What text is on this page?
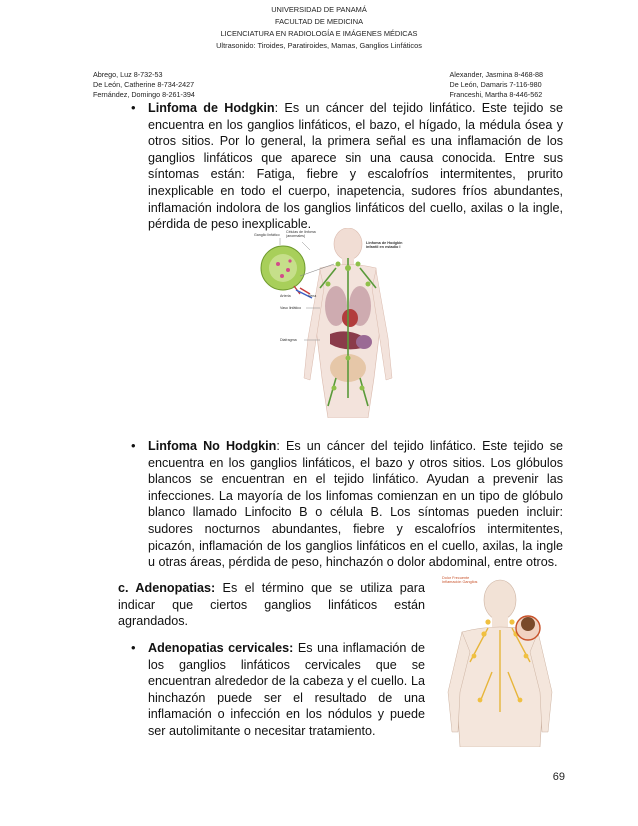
UNIVERSIDAD DE PANAMÁ
FACULTAD DE MEDICINA
LICENCIATURA EN RADIOLOGÍA E IMÁGENES MÉDICAS
Ultrasonido: Tiroides, Paratiroides, Mamas, Ganglios Linfáticos
Abrego, Luz 8-732-53
De León, Catherine 8-734-2427
Fernández, Domingo 8-261-394
Alexander, Jasmina 8-468-88
De León, Damaris 7-116-980
Franceshi, Martha 8-446-562
• Linfoma de Hodgkin: Es un cáncer del tejido linfático. Este tejido se encuentra en los ganglios linfáticos, el bazo, el hígado, la médula ósea y otros sitios. Por lo general, la primera señal es una inflamación de los ganglios linfáticos que aparece sin una causa conocida. Entre sus síntomas están: Fatiga, fiebre y escalofríos intermitentes, prurito inexplicable en todo el cuerpo, inapetencia, sudores fríos abundantes, inflamación indolora de los ganglios linfáticos del cuello, axilas o la ingle, pérdida de peso inexplicable.
Ganglio linfático
Células de linfoma (anormales)
Linfoma de Hodgkin infantil en estadio I
Arteria	Vena
Vaso linfático
Diafragma
• Linfoma No Hodgkin: Es un cáncer del tejido linfático. Este tejido se encuentra en los ganglios linfáticos, el bazo y otros sitios. Los glóbulos blancos se encuentran en el tejido linfático. Ayudan a prevenir las infecciones. La mayoría de los linfomas comienzan en un tipo de glóbulo blanco llamado Linfocito B o célula B. Los síntomas pueden incluir: sudores nocturnos abundantes, fiebre y escalofríos intermitentes, picazón, inflamación de los ganglios linfáticos en el cuello, axilas, la ingle u otras áreas, pérdida de peso, hinchazón o dolor abdominal, entre otros.
c. Adenopatias: Es el término que se utiliza para indicar que ciertos ganglios linfáticos están agrandados.
• Adenopatias cervicales: Es una inflamación de los ganglios linfáticos cervicales que se encuentran alrededor de la cabeza y el cuello. La hinchazón puede ser el resultado de una inflamación o infección en los nódulos y puede ser autolimitante o necesitar tratamiento.
Dolor Frecuente Inflamación Ganglios
69
